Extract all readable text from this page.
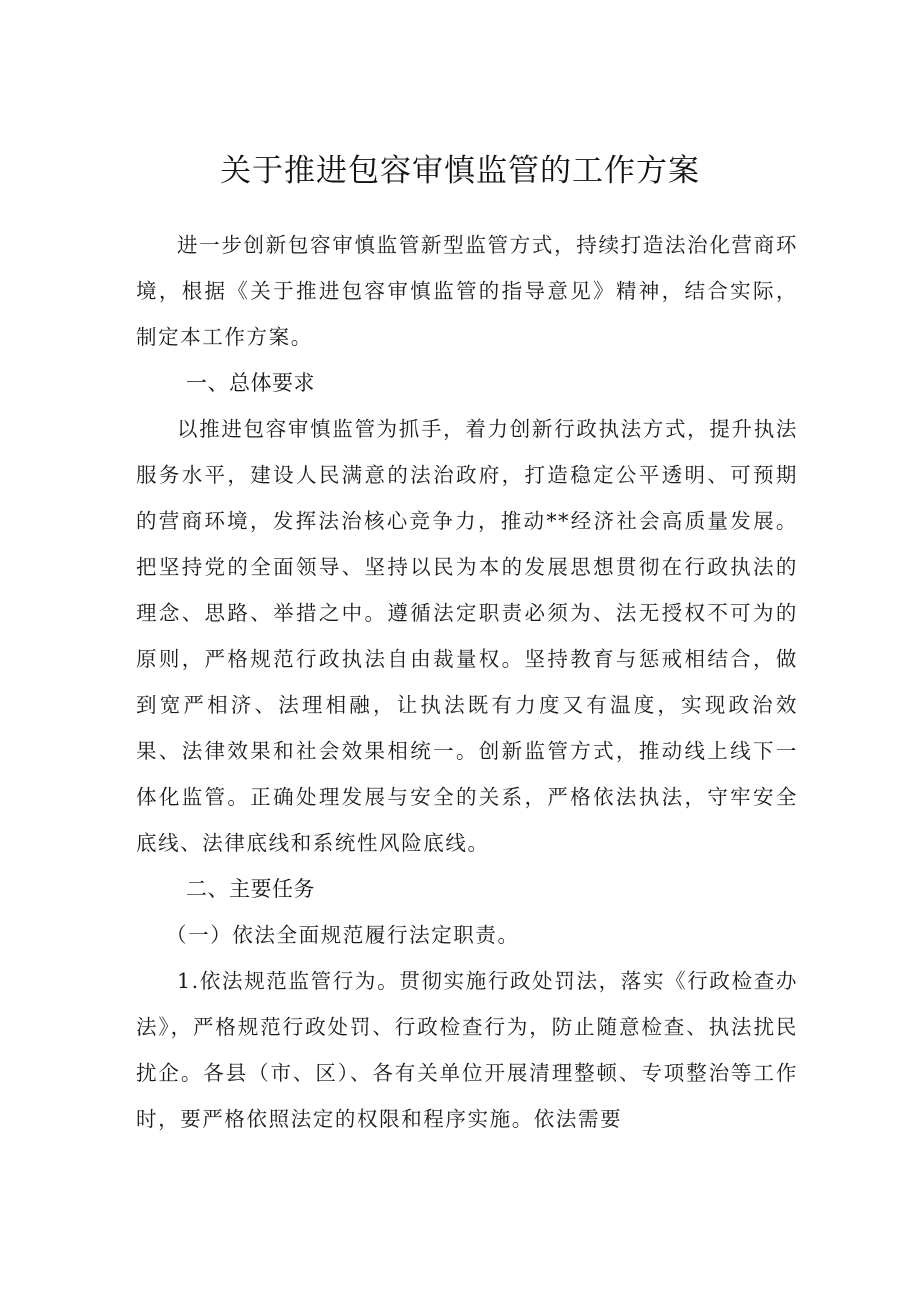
关于推进包容审慎监管的工作方案

进一步创新包容审慎监管新型监管方式，持续打造法治化营商环境，根据《关于推进包容审慎监管的指导意见》精神，结合实际，制定本工作方案。

一、总体要求

以推进包容审慎监管为抓手，着力创新行政执法方式，提升执法服务水平，建设人民满意的法治政府，打造稳定公平透明、可预期的营商环境，发挥法治核心竞争力，推动**经济社会高质量发展。把坚持党的全面领导、坚持以民为本的发展思想贯彻在行政执法的理念、思路、举措之中。遵循法定职责必须为、法无授权不可为的原则，严格规范行政执法自由裁量权。坚持教育与惩戒相结合，做到宽严相济、法理相融，让执法既有力度又有温度，实现政治效果、法律效果和社会效果相统一。创新监管方式，推动线上线下一体化监管。正确处理发展与安全的关系，严格依法执法，守牢安全底线、法律底线和系统性风险底线。

二、主要任务

（一）依法全面规范履行法定职责。

1.依法规范监管行为。贯彻实施行政处罚法，落实《行政检查办法》，严格规范行政处罚、行政检查行为，防止随意检查、执法扰民扰企。各县（市、区）、各有关单位开展清理整顿、专项整治等工作时，要严格依照法定的权限和程序实施。依法需要
